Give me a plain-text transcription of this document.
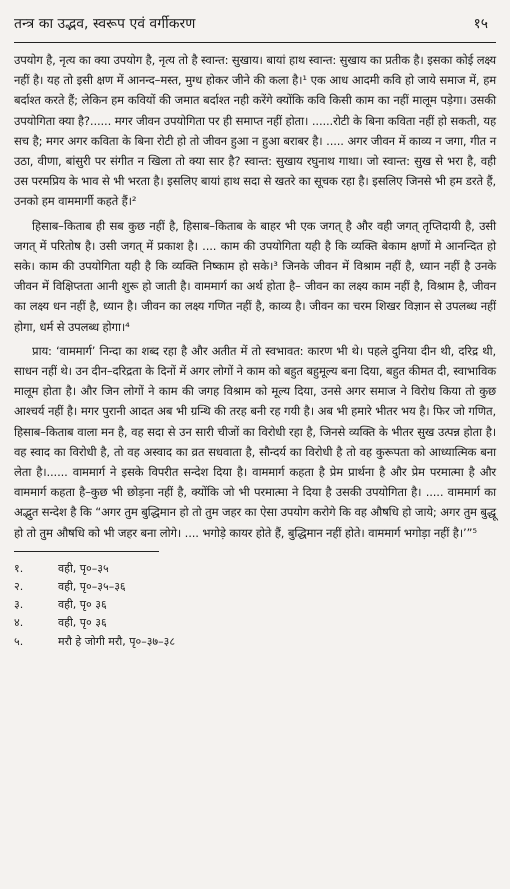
तन्त्र का उद्भव, स्वरूप एवं वर्गीकरण	१५

उपयोग है, नृत्य का क्या उपयोग है, नृत्य तो है स्वान्त: सुखाय। बायां हाथ स्वान्त: सुखाय का प्रतीक है। इसका कोई लक्ष्य नहीं है। यह तो इसी क्षण में आनन्द–मस्त, मुग्ध होकर जीने की कला है।¹ एक आध आदमी कवि हो जाये समाज में, हम बर्दाश्त करते हैं; लेकिन हम कवियों की जमात बर्दाश्त नही करेंगे क्योंकि कवि किसी काम का नहीं मालूम पड़ेगा। उसकी उपयोगिता क्या है?...... मगर जीवन उपयोगिता पर ही समाप्त नहीं होता। ......रोटी के बिना कविता नहीं हो सकती, यह सच है; मगर अगर कविता के बिना रोटी हो तो जीवन हुआ न हुआ बराबर है। ..... अगर जीवन में काव्य न जगा, गीत न उठा, वीणा, बांसुरी पर संगीत न खिला तो क्या सार है? स्वान्त: सुखाय रघुनाथ गाथा। जो स्वान्त: सुख से भरा है, वही उस परमप्रिय के भाव से भी भरता है। इसलिए बायां हाथ सदा से खतरे का सूचक रहा है। इसलिए जिनसे भी हम डरते हैं, उनको हम वाममार्गी कहते हैं।²

हिसाब–किताब ही सब कुछ नहीं है, हिसाब–किताब के बाहर भी एक जगत् है और वही जगत् तृप्तिदायी है, उसी जगत् में परितोष है। उसी जगत् में प्रकाश है। .... काम की उपयोगिता यही है कि व्यक्ति बेकाम क्षणों मे आनन्दित हो सके। काम की उपयोगिता यही है कि व्यक्ति निष्काम हो सके।³ जिनके जीवन में विश्राम नहीं है, ध्यान नहीं है उनके जीवन में विक्षिप्तता आनी शुरू हो जाती है। वाममार्ग का अर्थ होता है– जीवन का लक्ष्य काम नहीं है, विश्राम है, जीवन का लक्ष्य धन नहीं है, ध्यान है। जीवन का लक्ष्य गणित नहीं है, काव्य है। जीवन का चरम शिखर विज्ञान से उपलब्ध नहीं होगा, धर्म से उपलब्ध होगा।⁴

प्राय: ‘वाममार्ग’ निन्दा का शब्द रहा है और अतीत में तो स्वभावत: कारण भी थे। पहले दुनिया दीन थी, दरिद्र थी, साधन नहीं थे। उन दीन–दरिद्रता के दिनों में अगर लोगों ने काम को बहुत बहुमूल्य बना दिया, बहुत कीमत दी, स्वाभाविक मालूम होता है। और जिन लोगों ने काम की जगह विश्राम को मूल्य दिया, उनसे अगर समाज ने विरोध किया तो कुछ आश्चर्य नहीं है। मगर पुरानी आदत अब भी ग्रन्थि की तरह बनी रह गयी है। अब भी हमारे भीतर भय है। फिर जो गणित, हिसाब–किताब वाला मन है, वह सदा से उन सारी चीजों का विरोधी रहा है, जिनसे व्यक्ति के भीतर सुख उत्पन्न होता है। वह स्वाद का विरोधी है, तो वह अस्वाद का व्रत सधवाता है, सौन्दर्य का विरोधी है तो वह कुरूपता को आध्यात्मिक बना लेता है।...... वाममार्ग ने इसके विपरीत सन्देश दिया है। वाममार्ग कहता है प्रेम प्रार्थना है और प्रेम परमात्मा है और वाममार्ग कहता है–कुछ भी छोड़ना नहीं है, क्योंकि जो भी परमात्मा ने दिया है उसकी उपयोगिता है। ..... वाममार्ग का अद्भुत सन्देश है कि “अगर तुम बुद्धिमान हो तो तुम जहर का ऐसा उपयोग करोगे कि वह औषधि हो जाये; अगर तुम बुद्धू हो तो तुम औषधि को भी जहर बना लोगे। .... भगोड़े कायर होते हैं, बुद्धिमान नहीं होते। वाममार्ग भगोड़ा नहीं है।’”⁵

१.	वही, पृ०–३५
२.	वही, पृ०–३५–३६
३.	वही, पृ० ३६
४.	वही, पृ० ३६
५.	मरौ हे जोगी मरौ, पृ०–३७–३८
